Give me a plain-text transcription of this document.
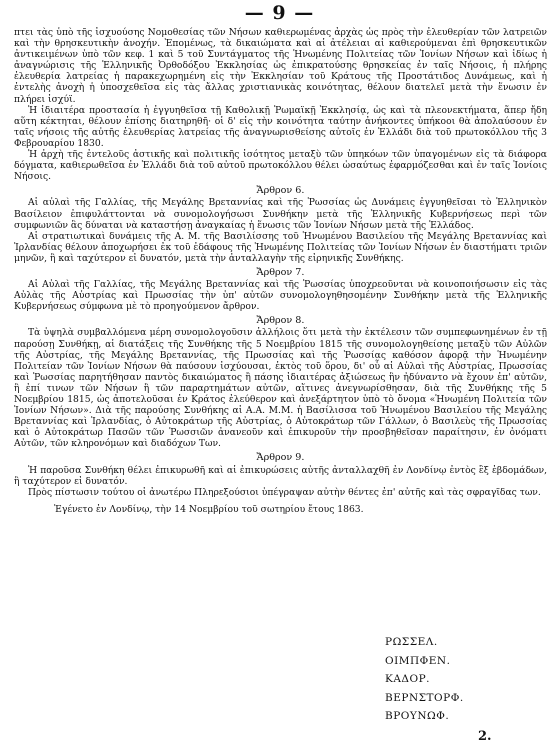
— 9 —

πτει τὰς ὑπὸ τῆς ἰσχυούσης Νομοθεσίας τῶν Νήσων καθιερωμένας ἀρχὰς ὡς πρὸς τὴν ἐλευθερίαν τῶν λατρειῶν καὶ τὴν θρησκευτικὴν ἀνοχήν. Ἐπομένως, τὰ δικαιώματα καὶ αἱ ἀτέλειαι αἱ καθιερούμεναι ἐπὶ θρησκευτικῶν ἀντικειμένων ὑπὸ τῶν κεφ. 1 καὶ 5 τοῦ Συντάγματος τῆς Ἡνωμένης Πολιτείας τῶν Ἰονίων Νήσων καὶ ἰδίως ἡ ἀναγνώρισις τῆς Ἑλληνικῆς Ὀρθοδόξου Ἐκκλησίας ὡς ἐπικρατούσης θρησκείας ἐν ταῖς Νήσοις, ἡ πλήρης ἐλευθερία λατρείας ἡ παρακεχωρημένη εἰς τὴν Ἐκκλησίαν τοῦ Κράτους τῆς Προστάτιδος Δυνάμεως, καὶ ἡ ἐντελὴς ἀνοχὴ ἡ ὑποσχεθεῖσα εἰς τὰς ἄλλας χριστιανικὰς κοινότητας, θέλουν διατελεῖ μετὰ τὴν ἕνωσιν ἐν πλήρει ἰσχύϊ.

Ἡ ἰδιαιτέρα προστασία ἡ ἐγγυηθεῖσα τῇ Καθολικῇ Ῥωμαϊκῇ Ἐκκλησίᾳ, ὡς καὶ τὰ πλεονεκτήματα, ἅπερ ἤδη αὕτη κέκτηται, θέλουν ἐπίσης διατηρηθῆ· οἱ δ' εἰς τὴν κοινότητα ταύτην ἀνήκοντες ὑπήκοοι θὰ ἀπολαύσουν ἐν ταῖς νήσοις τῆς αὐτῆς ἐλευθερίας λατρείας τῆς ἀναγνωρισθείσης αὐτοῖς ἐν Ἑλλάδι διὰ τοῦ πρωτοκόλλου τῆς 3 Φεβρουαρίου 1830.

Ἡ ἀρχὴ τῆς ἐντελοῦς ἀστικῆς καὶ πολιτικῆς ἰσότητος μεταξὺ τῶν ὑπηκόων τῶν ὑπαγομένων εἰς τὰ διάφορα δόγματα, καθιερωθεῖσα ἐν Ἑλλάδι διὰ τοῦ αὐτοῦ πρωτοκόλλου θέλει ὡσαύτως ἐφαρμόζεσθαι καὶ ἐν ταῖς Ἰονίοις Νήσοις.

Ἄρθρον 6.

Αἱ αὐλαὶ τῆς Γαλλίας, τῆς Μεγάλης Βρεταννίας καὶ τῆς Ῥωσσίας ὡς Δυνάμεις ἐγγυηθεῖσαι τὸ Ἑλληνικὸν Βασίλειον ἐπιφυλάττονται νὰ συνομολογήσωσι Συνθήκην μετὰ τῆς Ἑλληνικῆς Κυβερνήσεως περὶ τῶν συμφωνιῶν ἃς δύναται νὰ καταστήσῃ ἀναγκαίας ἡ ἕνωσις τῶν Ἰονίων Νήσων μετὰ τῆς Ἑλλάδος.

Αἱ στρατιωτικαὶ δυνάμεις τῆς Α. Μ. τῆς Βασιλίσσης τοῦ Ἡνωμένου Βασιλείου τῆς Μεγάλης Βρεταννίας καὶ Ἰρλανδίας θέλουν ἀποχωρήσει ἐκ τοῦ ἐδάφους τῆς Ἡνωμένης Πολιτείας τῶν Ἰονίων Νήσων ἐν διαστήματι τριῶν μηνῶν, ἢ καὶ ταχύτερον εἰ δυνατόν, μετὰ τὴν ἀνταλλαγὴν τῆς εἰρηνικῆς Συνθήκης.

Ἄρθρον 7.

Αἱ Αὐλαὶ τῆς Γαλλίας, τῆς Μεγάλης Βρεταννίας καὶ τῆς Ῥωσσίας ὑποχρεοῦνται νὰ κοινοποιήσωσιν εἰς τὰς Αὐλὰς τῆς Αὐστρίας καὶ Πρωσσίας τὴν ὑπ' αὐτῶν συνομολογηθησομένην Συνθήκην μετὰ τῆς Ἑλληνικῆς Κυβερνήσεως σύμφωνα μὲ τὸ προηγούμενον ἄρθρον.

Ἄρθρον 8.

Τὰ ὑψηλὰ συμβαλλόμενα μέρη συνομολογοῦσιν ἀλλήλοις ὅτι μετὰ τὴν ἐκτέλεσιν τῶν συμπεφωνημένων ἐν τῇ παρούσῃ Συνθήκῃ, αἱ διατάξεις τῆς Συνθήκης τῆς 5 Νοεμβρίου 1815 τῆς συνομολογηθείσης μεταξὺ τῶν Αὐλῶν τῆς Αὐστρίας, τῆς Μεγάλης Βρεταννίας, τῆς Πρωσσίας καὶ τῆς Ῥωσσίας καθόσον ἀφορᾷ τὴν Ἡνωμένην Πολιτείαν τῶν Ἰονίων Νήσων θὰ παύσουν ἰσχύουσαι, ἐκτὸς τοῦ ὅρου, δι' οὗ αἱ Αὐλαὶ τῆς Αὐστρίας, Πρωσσίας καὶ Ῥωσσίας παρητήθησαν παντὸς δικαιώματος ἢ πάσης ἰδιαιτέρας ἀξιώσεως ἣν ἠδύναντο νὰ ἔχουν ἐπ' αὐτῶν, ἢ ἐπί τινων τῶν Νήσων ἢ τῶν παραρτημάτων αὐτῶν, αἵτινες ἀνεγνωρίσθησαν, διὰ τῆς Συνθήκης τῆς 5 Νοεμβρίου 1815, ὡς ἀποτελοῦσαι ἐν Κράτος ἐλεύθερον καὶ ἀνεξάρτητον ὑπὸ τὸ ὄνομα «Ἡνωμένη Πολιτεία τῶν Ἰονίων Νήσων». Διὰ τῆς παρούσης Συνθήκης αἱ Α.Α. Μ.Μ. ἡ Βασίλισσα τοῦ Ἡνωμένου Βασιλείου τῆς Μεγάλης Βρεταννίας καὶ Ἰρλανδίας, ὁ Αὐτοκράτωρ τῆς Αὐστρίας, ὁ Αὐτοκράτωρ τῶν Γάλλων, ὁ Βασιλεὺς τῆς Πρωσσίας καὶ ὁ Αὐτοκράτωρ Πασῶν τῶν Ῥωσσιῶν ἀνανεοῦν καὶ ἐπικυροῦν τὴν προσβηθεῖσαν παραίτησιν, ἐν ὀνόματι Αὐτῶν, τῶν κληρονόμων καὶ διαδόχων Των.

Ἄρθρον 9.

Ἡ παροῦσα Συνθήκη θέλει ἐπικυρωθῆ καὶ αἱ ἐπικυρώσεις αὐτῆς ἀνταλλαχθῆ ἐν Λονδίνῳ ἐντὸς ἓξ ἑβδομάδων, ἢ ταχύτερον εἰ δυνατόν.

Πρὸς πίστωσιν τούτου οἱ ἀνωτέρω Πληρεξούσιοι ὑπέγραψαν αὐτὴν θέντες ἐπ' αὐτῆς καὶ τὰς σφραγῖδας των.

Ἐγένετο ἐν Λονδίνῳ, τὴν 14 Νοεμβρίου τοῦ σωτηρίου ἔτους 1863.

ΡΩΣΣΕΛ.
ΟΙΜΠΦΕΝ.
ΚΑΔΟΡ.
ΒΕΡΝΣΤΟΡΦ.
ΒΡΟΥΝΩΦ.
2.
